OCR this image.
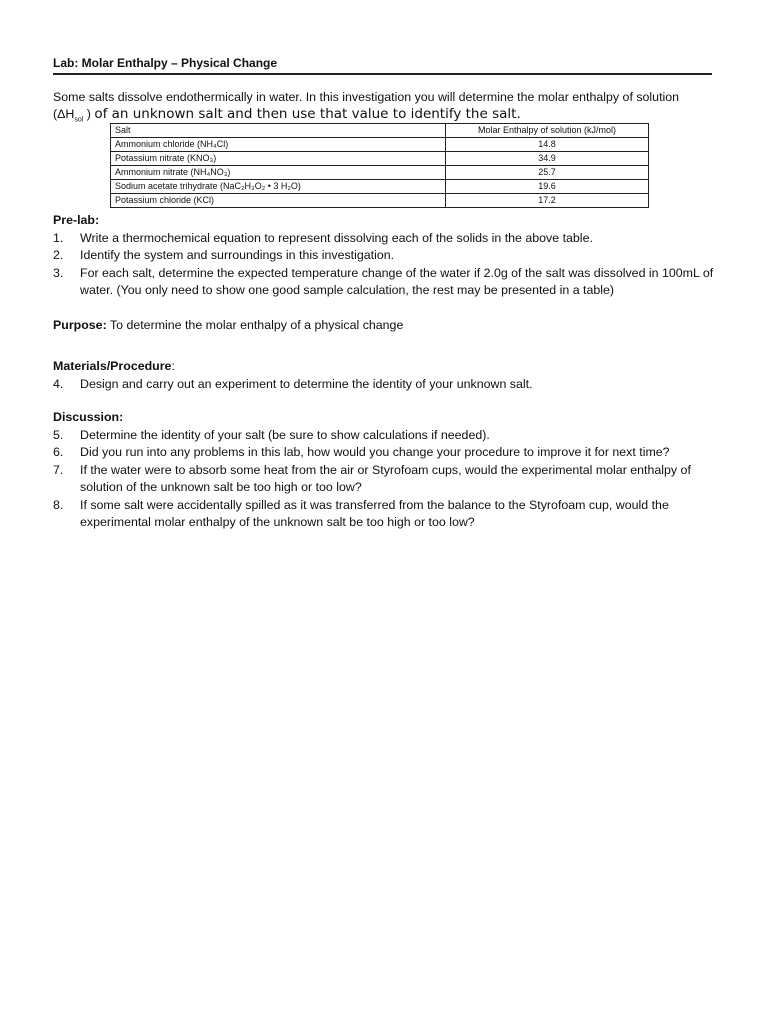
Lab: Molar Enthalpy – Physical Change
Some salts dissolve endothermically in water. In this investigation you will determine the molar enthalpy of solution
($\Delta H_{sol}$ ) of an unknown salt and then use that value to identify the salt.
Salt	Molar Enthalpy of solution (kJ/mol)
Ammonium chloride (NH₄Cl)	14.8
Potassium nitrate (KNO₃)	34.9
Ammonium nitrate (NH₄NO₃)	25.7
Sodium acetate trihydrate (NaC₂H₃O₂ • 3 H₂O)	19.6
Potassium chloride (KCl)	17.2
Pre-lab:
1.	Write a thermochemical equation to represent dissolving each of the solids in the above table.
2.	Identify the system and surroundings in this investigation.
3.	For each salt, determine the expected temperature change of the water if 2.0g of the salt was dissolved in 100mL of water. (You only need to show one good sample calculation, the rest may be presented in a table)
Purpose: To determine the molar enthalpy of a physical change
Materials/Procedure:
4.	Design and carry out an experiment to determine the identity of your unknown salt.
Discussion:
5.	Determine the identity of your salt (be sure to show calculations if needed).
6.	Did you run into any problems in this lab, how would you change your procedure to improve it for next time?
7.	If the water were to absorb some heat from the air or Styrofoam cups, would the experimental molar enthalpy of solution of the unknown salt be too high or too low?
8.	If some salt were accidentally spilled as it was transferred from the balance to the Styrofoam cup, would the experimental molar enthalpy of the unknown salt be too high or too low?
